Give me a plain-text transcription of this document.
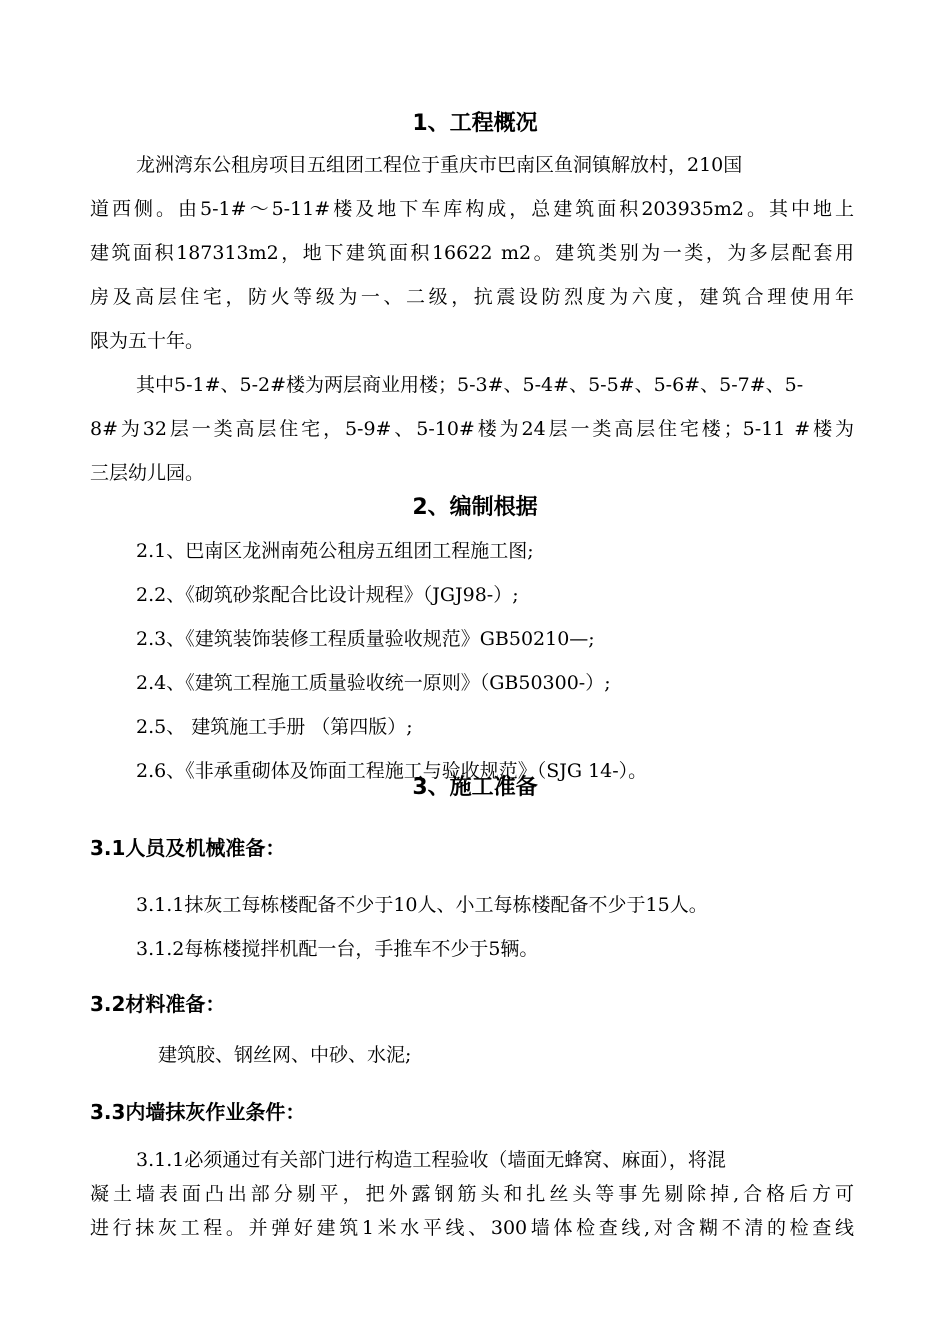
1、工程概况
龙洲湾东公租房项目五组团工程位于重庆市巴南区鱼洞镇解放村，210国
道西侧。由5-1#～5-11#楼及地下车库构成，总建筑面积203935m2。其中地上
建筑面积187313m2，地下建筑面积16622 m2。建筑类别为一类，为多层配套用
房及高层住宅，防火等级为一、二级，抗震设防烈度为六度，建筑合理使用年
限为五十年。
其中5-1#、5-2#楼为两层商业用楼；5-3#、5-4#、5-5#、5-6#、5-7#、5-
8#为32层一类高层住宅，5-9#、5-10#楼为24层一类高层住宅楼；5-11 #楼为
三层幼儿园。
2、编制根据
2.1、巴南区龙洲南苑公租房五组团工程施工图;
2.2、《砌筑砂浆配合比设计规程》（JGJ98-）;
2.3、《建筑装饰装修工程质量验收规范》GB50210—;
2.4、《建筑工程施工质量验收统一原则》（GB50300-）;
2.5、 建筑施工手册 （第四版）;
2.6、《非承重砌体及饰面工程施工与验收规范》（SJG 14-）。
3、施工准备
3.1人员及机械准备：
3.1.1抹灰工每栋楼配备不少于10人、小工每栋楼配备不少于15人。
3.1.2每栋楼搅拌机配一台，手推车不少于5辆。
3.2材料准备：
建筑胶、钢丝网、中砂、水泥;
3.3内墙抹灰作业条件：
3.1.1必须通过有关部门进行构造工程验收（墙面无蜂窝、麻面），将混
凝土墙表面凸出部分剔平，把外露钢筋头和扎丝头等事先剔除掉,合格后方可
进行抹灰工程。并弹好建筑1米水平线、300墙体检查线,对含糊不清的检查线
